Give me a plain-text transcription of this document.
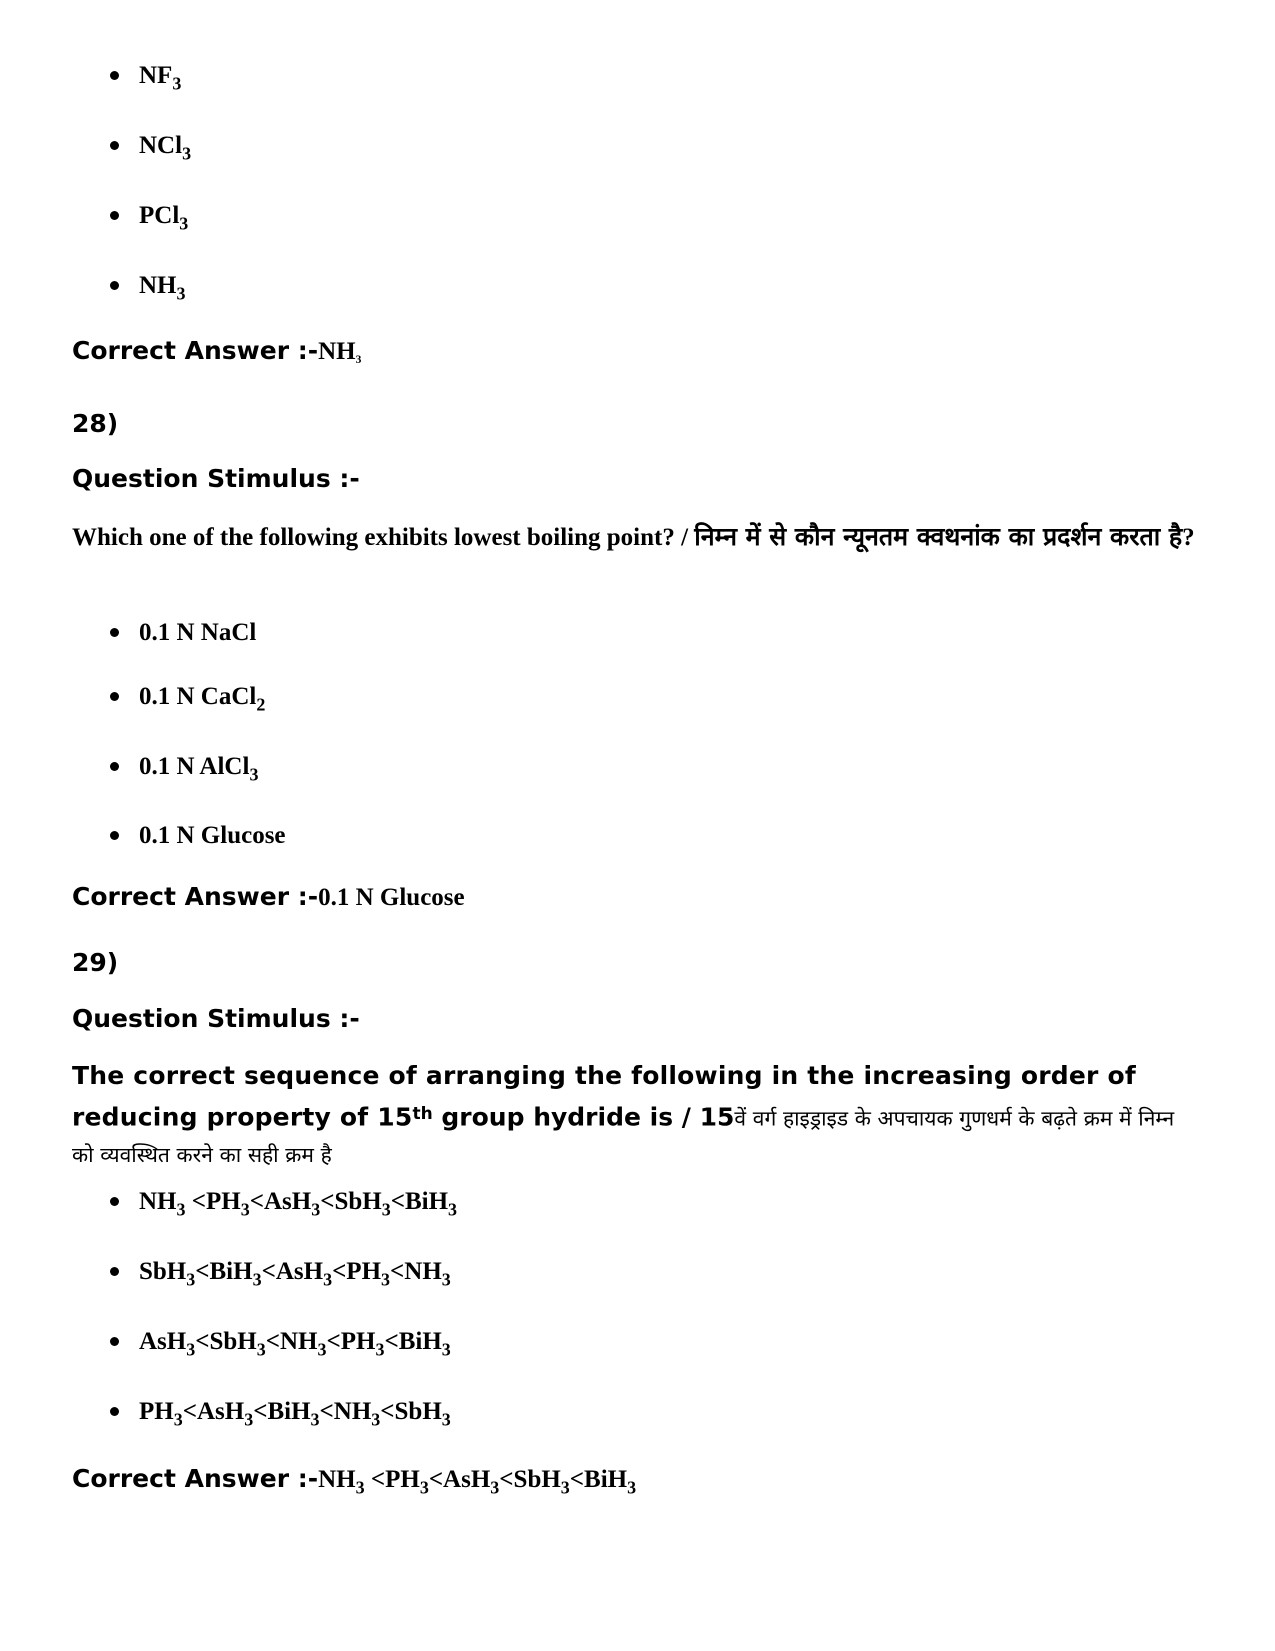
$NF_3$
NCl$_3$
PCl$_3$
$NH_3$
Correct Answer $:-NH_3$
28)
Question Stimulus :-
Which one of the following exhibits lowest boiling point? / निम्न में से कौन न्यूनतम क्वथनांक का प्रदर्शन करता है?
0.1 N NaCl
0.1 N CaCl$_2$
0.1 N AlCl$_3$
0.1 N Glucose
Correct Answer :-0.1 N Glucose
29)
Question Stimulus :-
The correct sequence of arranging the following in the increasing order of reducing property of 15th group hydride is / 15वें वर्ग हाइड्राइड के अपचायक गुणधर्म के बढ़ते क्रम में निम्न को व्यवस्थित करने का सही क्रम है
$NH_3 <PH_3<AsH_3<SbH_3<BiH_3$
$SbH_3<BiH_3<AsH_3<PH_3<NH_3$
$AsH_3<SbH_3<NH_3<PH_3<BiH_3$
$PH_3<AsH_3<BiH_3<NH_3<SbH_3$
Correct Answer $:-NH_3 <PH_3<AsH_3<SbH_3<BiH_3$
